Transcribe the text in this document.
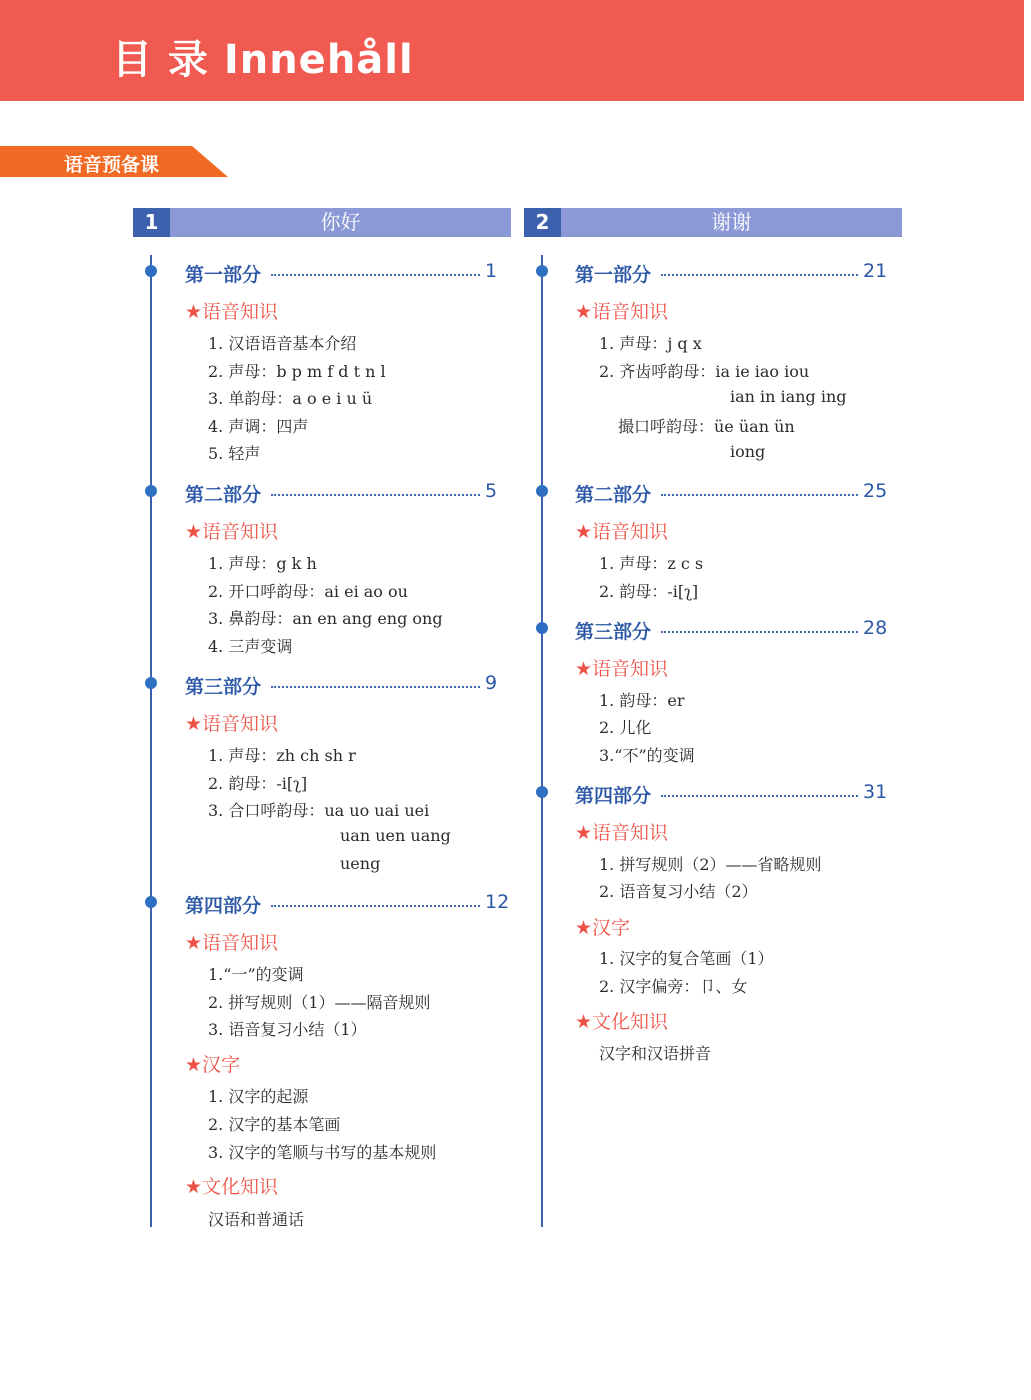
目 录 Innehåll
语音预备课
1	你好
第一部分	1
★语音知识
1. 汉语语音基本介绍
2. 声母：b p m f d t n l
3. 单韵母：a o e i u ü
4. 声调：四声
5. 轻声
第二部分	5
★语音知识
1. 声母：g k h
2. 开口呼韵母：ai ei ao ou
3. 鼻韵母：an en ang eng ong
4. 三声变调
第三部分	9
★语音知识
1. 声母：zh ch sh r
2. 韵母：-i[ʅ]
3. 合口呼韵母：ua uo uai uei
uan uen uang
ueng
第四部分	12
★语音知识
1.“一”的变调
2. 拼写规则（1）——隔音规则
3. 语音复习小结（1）
★汉字
1. 汉字的起源
2. 汉字的基本笔画
3. 汉字的笔顺与书写的基本规则
★文化知识
汉语和普通话
2	谢谢
第一部分	21
★语音知识
1. 声母：j q x
2. 齐齿呼韵母：ia ie iao iou
ian in iang ing
撮口呼韵母：üe üan ün
iong
第二部分	25
★语音知识
1. 声母：z c s
2. 韵母：-i[ʅ]
第三部分	28
★语音知识
1. 韵母：er
2. 儿化
3.“不”的变调
第四部分	31
★语音知识
1. 拼写规则（2）——省略规则
2. 语音复习小结（2）
★汉字
1. 汉字的复合笔画（1）
2. 汉字偏旁：卩、女
★文化知识
汉字和汉语拼音
